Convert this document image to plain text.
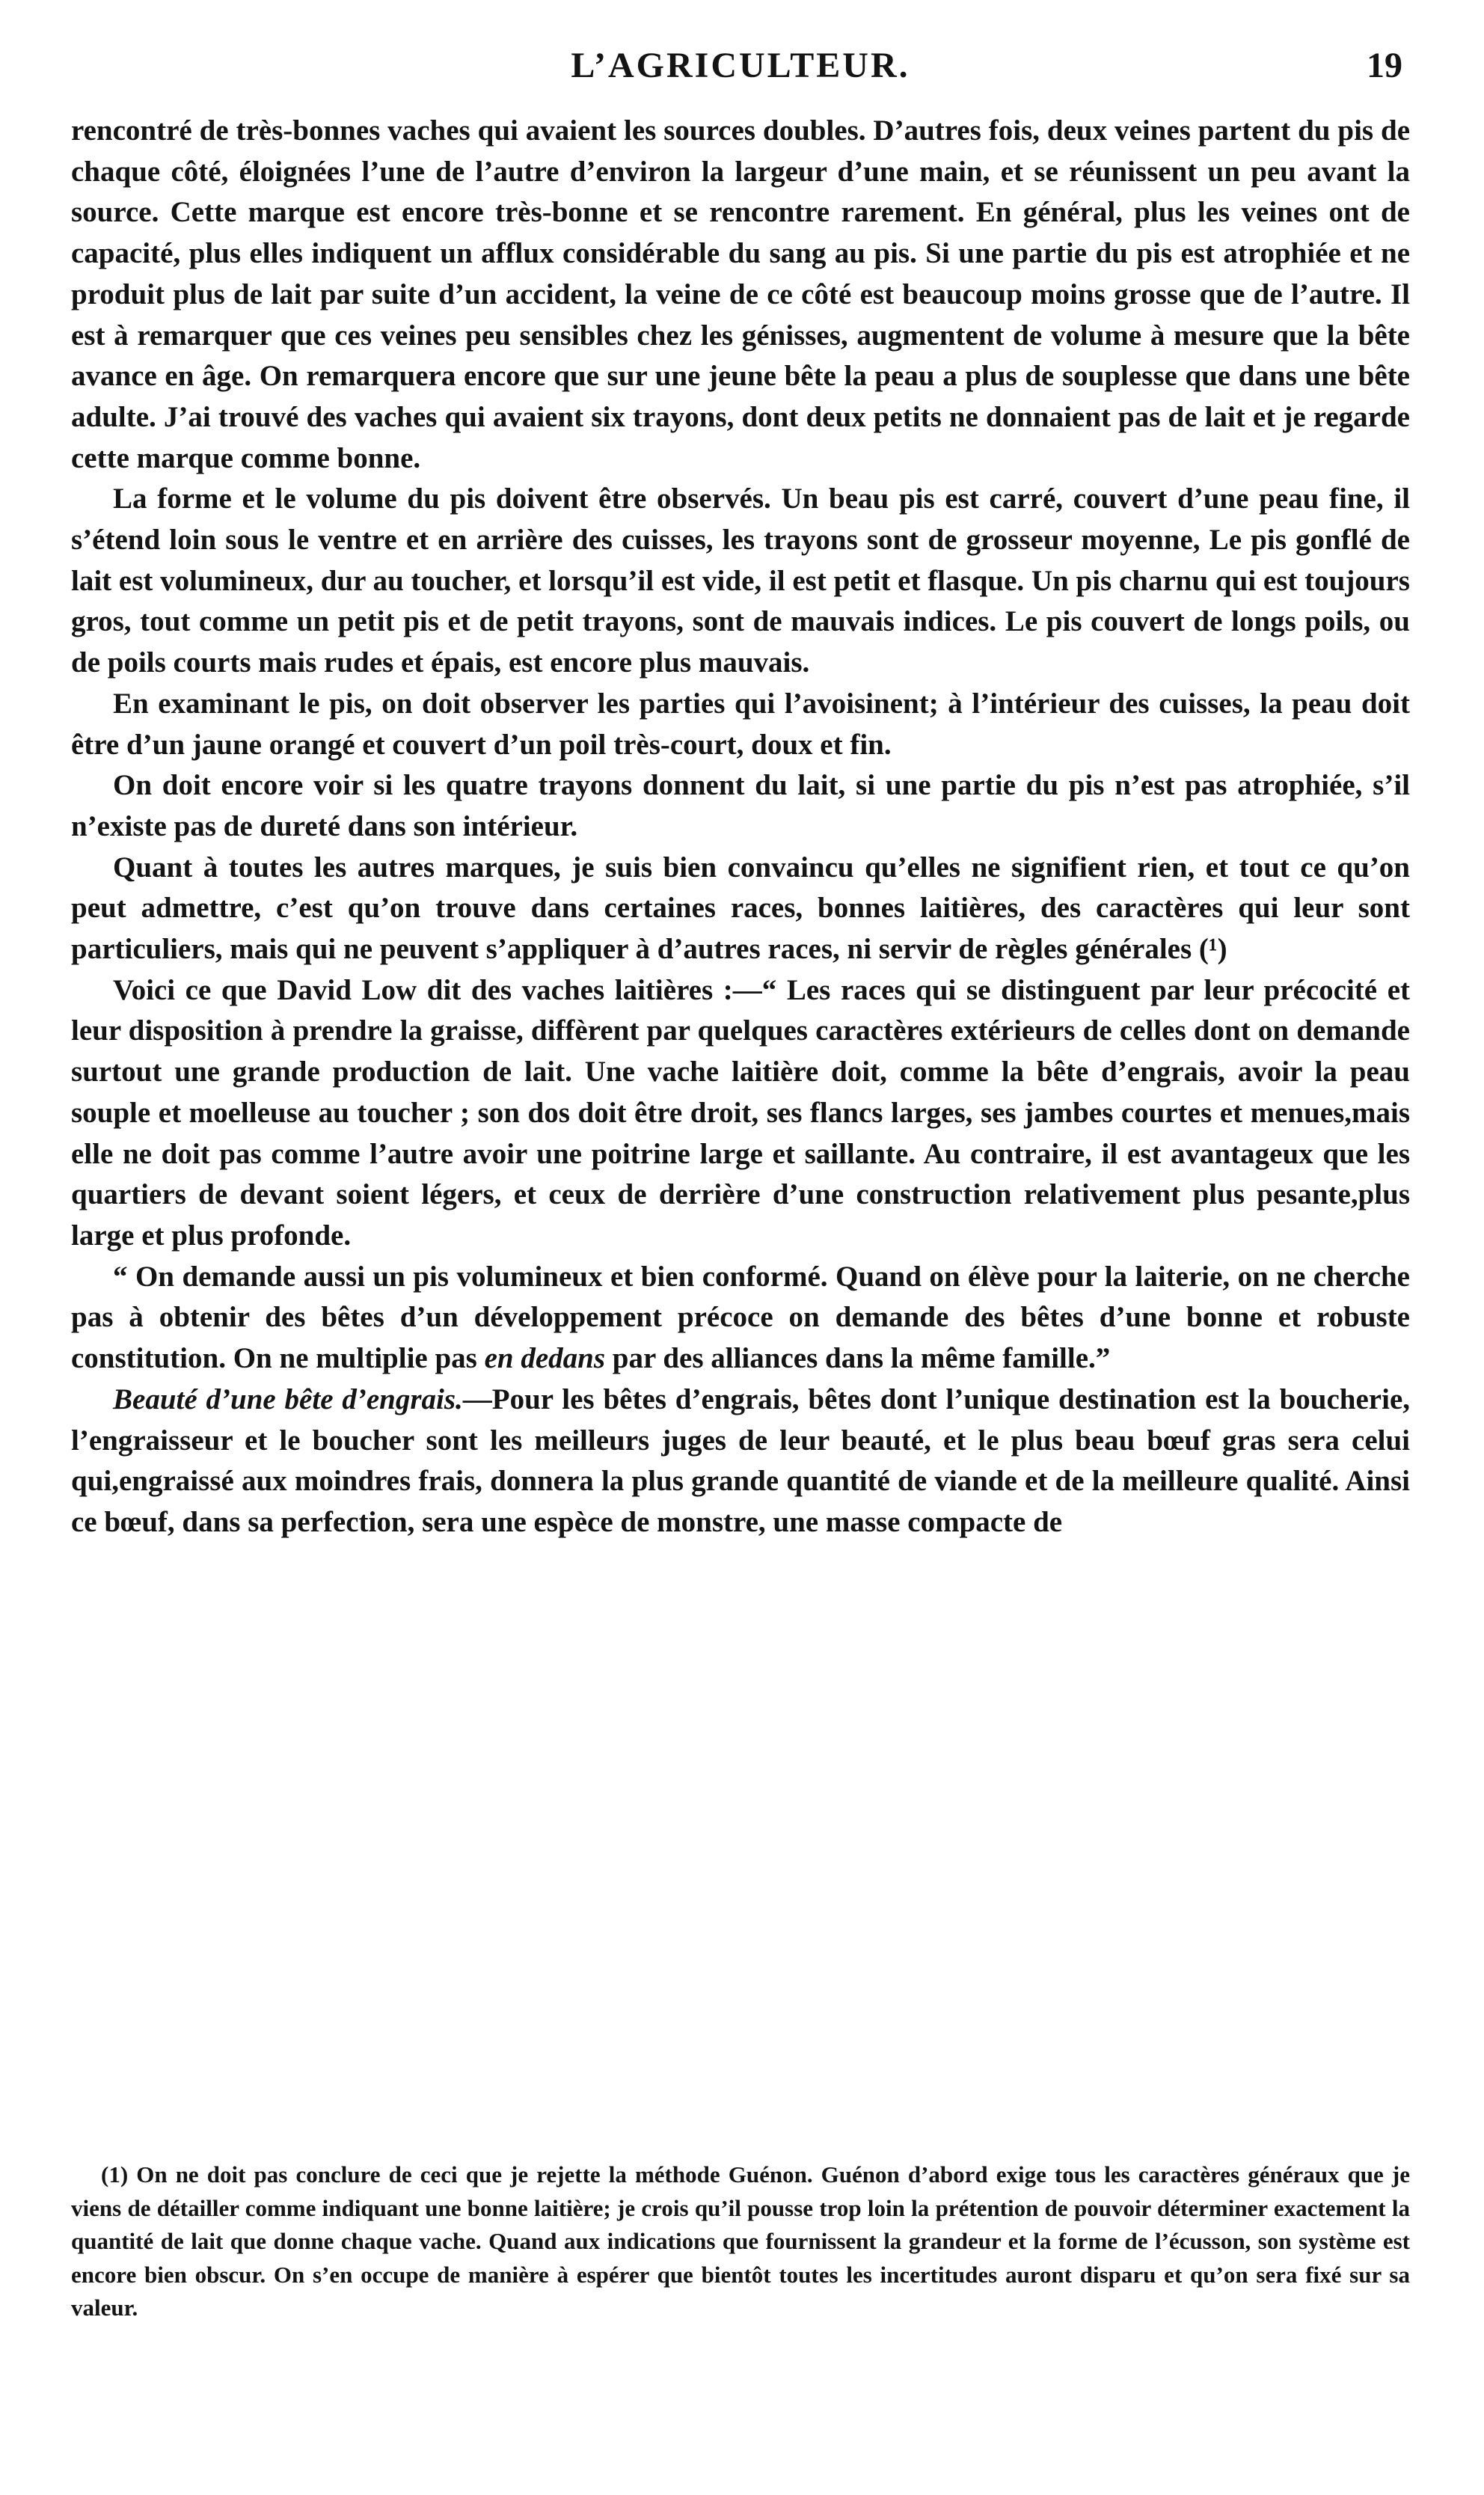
L’AGRICULTEUR.	19

rencontré de très-bonnes vaches qui avaient les sources doubles. D’autres fois, deux veines partent du pis de chaque côté, éloignées l’une de l’autre d’environ la largeur d’une main, et se réunissent un peu avant la source. Cette marque est encore très-bonne et se rencontre rarement. En général, plus les veines ont de capacité, plus elles indiquent un afflux considérable du sang au pis. Si une partie du pis est atrophiée et ne produit plus de lait par suite d’un accident, la veine de ce côté est beaucoup moins grosse que de l’autre. Il est à remarquer que ces veines peu sensibles chez les génisses, augmentent de volume à mesure que la bête avance en âge. On remarquera encore que sur une jeune bête la peau a plus de souplesse que dans une bête adulte. J’ai trouvé des vaches qui avaient six trayons, dont deux petits ne donnaient pas de lait et je regarde cette marque comme bonne.

La forme et le volume du pis doivent être observés. Un beau pis est carré, couvert d’une peau fine, il s’étend loin sous le ventre et en arrière des cuisses, les trayons sont de grosseur moyenne, Le pis gonflé de lait est volumineux, dur au toucher, et lorsqu’il est vide, il est petit et flasque. Un pis charnu qui est toujours gros, tout comme un petit pis et de petit trayons, sont de mauvais indices. Le pis couvert de longs poils, ou de poils courts mais rudes et épais, est encore plus mauvais.

En examinant le pis, on doit observer les parties qui l’avoisinent; à l’intérieur des cuisses, la peau doit être d’un jaune orangé et couvert d’un poil très-court, doux et fin.

On doit encore voir si les quatre trayons donnent du lait, si une partie du pis n’est pas atrophiée, s’il n’existe pas de dureté dans son intérieur.

Quant à toutes les autres marques, je suis bien convaincu qu’elles ne signifient rien, et tout ce qu’on peut admettre, c’est qu’on trouve dans certaines races, bonnes laitières, des caractères qui leur sont particuliers, mais qui ne peuvent s’appliquer à d’autres races, ni servir de règles générales (¹)

Voici ce que David Low dit des vaches laitières :—“ Les races qui se distinguent par leur précocité et leur disposition à prendre la graisse, diffèrent par quelques caractères extérieurs de celles dont on demande surtout une grande production de lait. Une vache laitière doit, comme la bête d’engrais, avoir la peau souple et moelleuse au toucher ; son dos doit être droit, ses flancs larges, ses jambes courtes et menues,mais elle ne doit pas comme l’autre avoir une poitrine large et saillante. Au contraire, il est avantageux que les quartiers de devant soient légers, et ceux de derrière d’une construction relativement plus pesante,plus large et plus profonde.

“ On demande aussi un pis volumineux et bien conformé. Quand on élève pour la laiterie, on ne cherche pas à obtenir des bêtes d’un développement précoce on demande des bêtes d’une bonne et robuste constitution. On ne multiplie pas en dedans par des alliances dans la même famille.”

Beauté d’une bête d’engrais.—Pour les bêtes d’engrais, bêtes dont l’unique destination est la boucherie, l’engraisseur et le boucher sont les meilleurs juges de leur beauté, et le plus beau bœuf gras sera celui qui,engraissé aux moindres frais, donnera la plus grande quantité de viande et de la meilleure qualité. Ainsi ce bœuf, dans sa perfection, sera une espèce de monstre, une masse compacte de

(1) On ne doit pas conclure de ceci que je rejette la méthode Guénon. Guénon d’abord exige tous les caractères généraux que je viens de détailler comme indiquant une bonne laitière; je crois qu’il pousse trop loin la prétention de pouvoir déterminer exactement la quantité de lait que donne chaque vache. Quand aux indications que fournissent la grandeur et la forme de l’écusson, son système est encore bien obscur. On s’en occupe de manière à espérer que bientôt toutes les incertitudes auront disparu et qu’on sera fixé sur sa valeur.
